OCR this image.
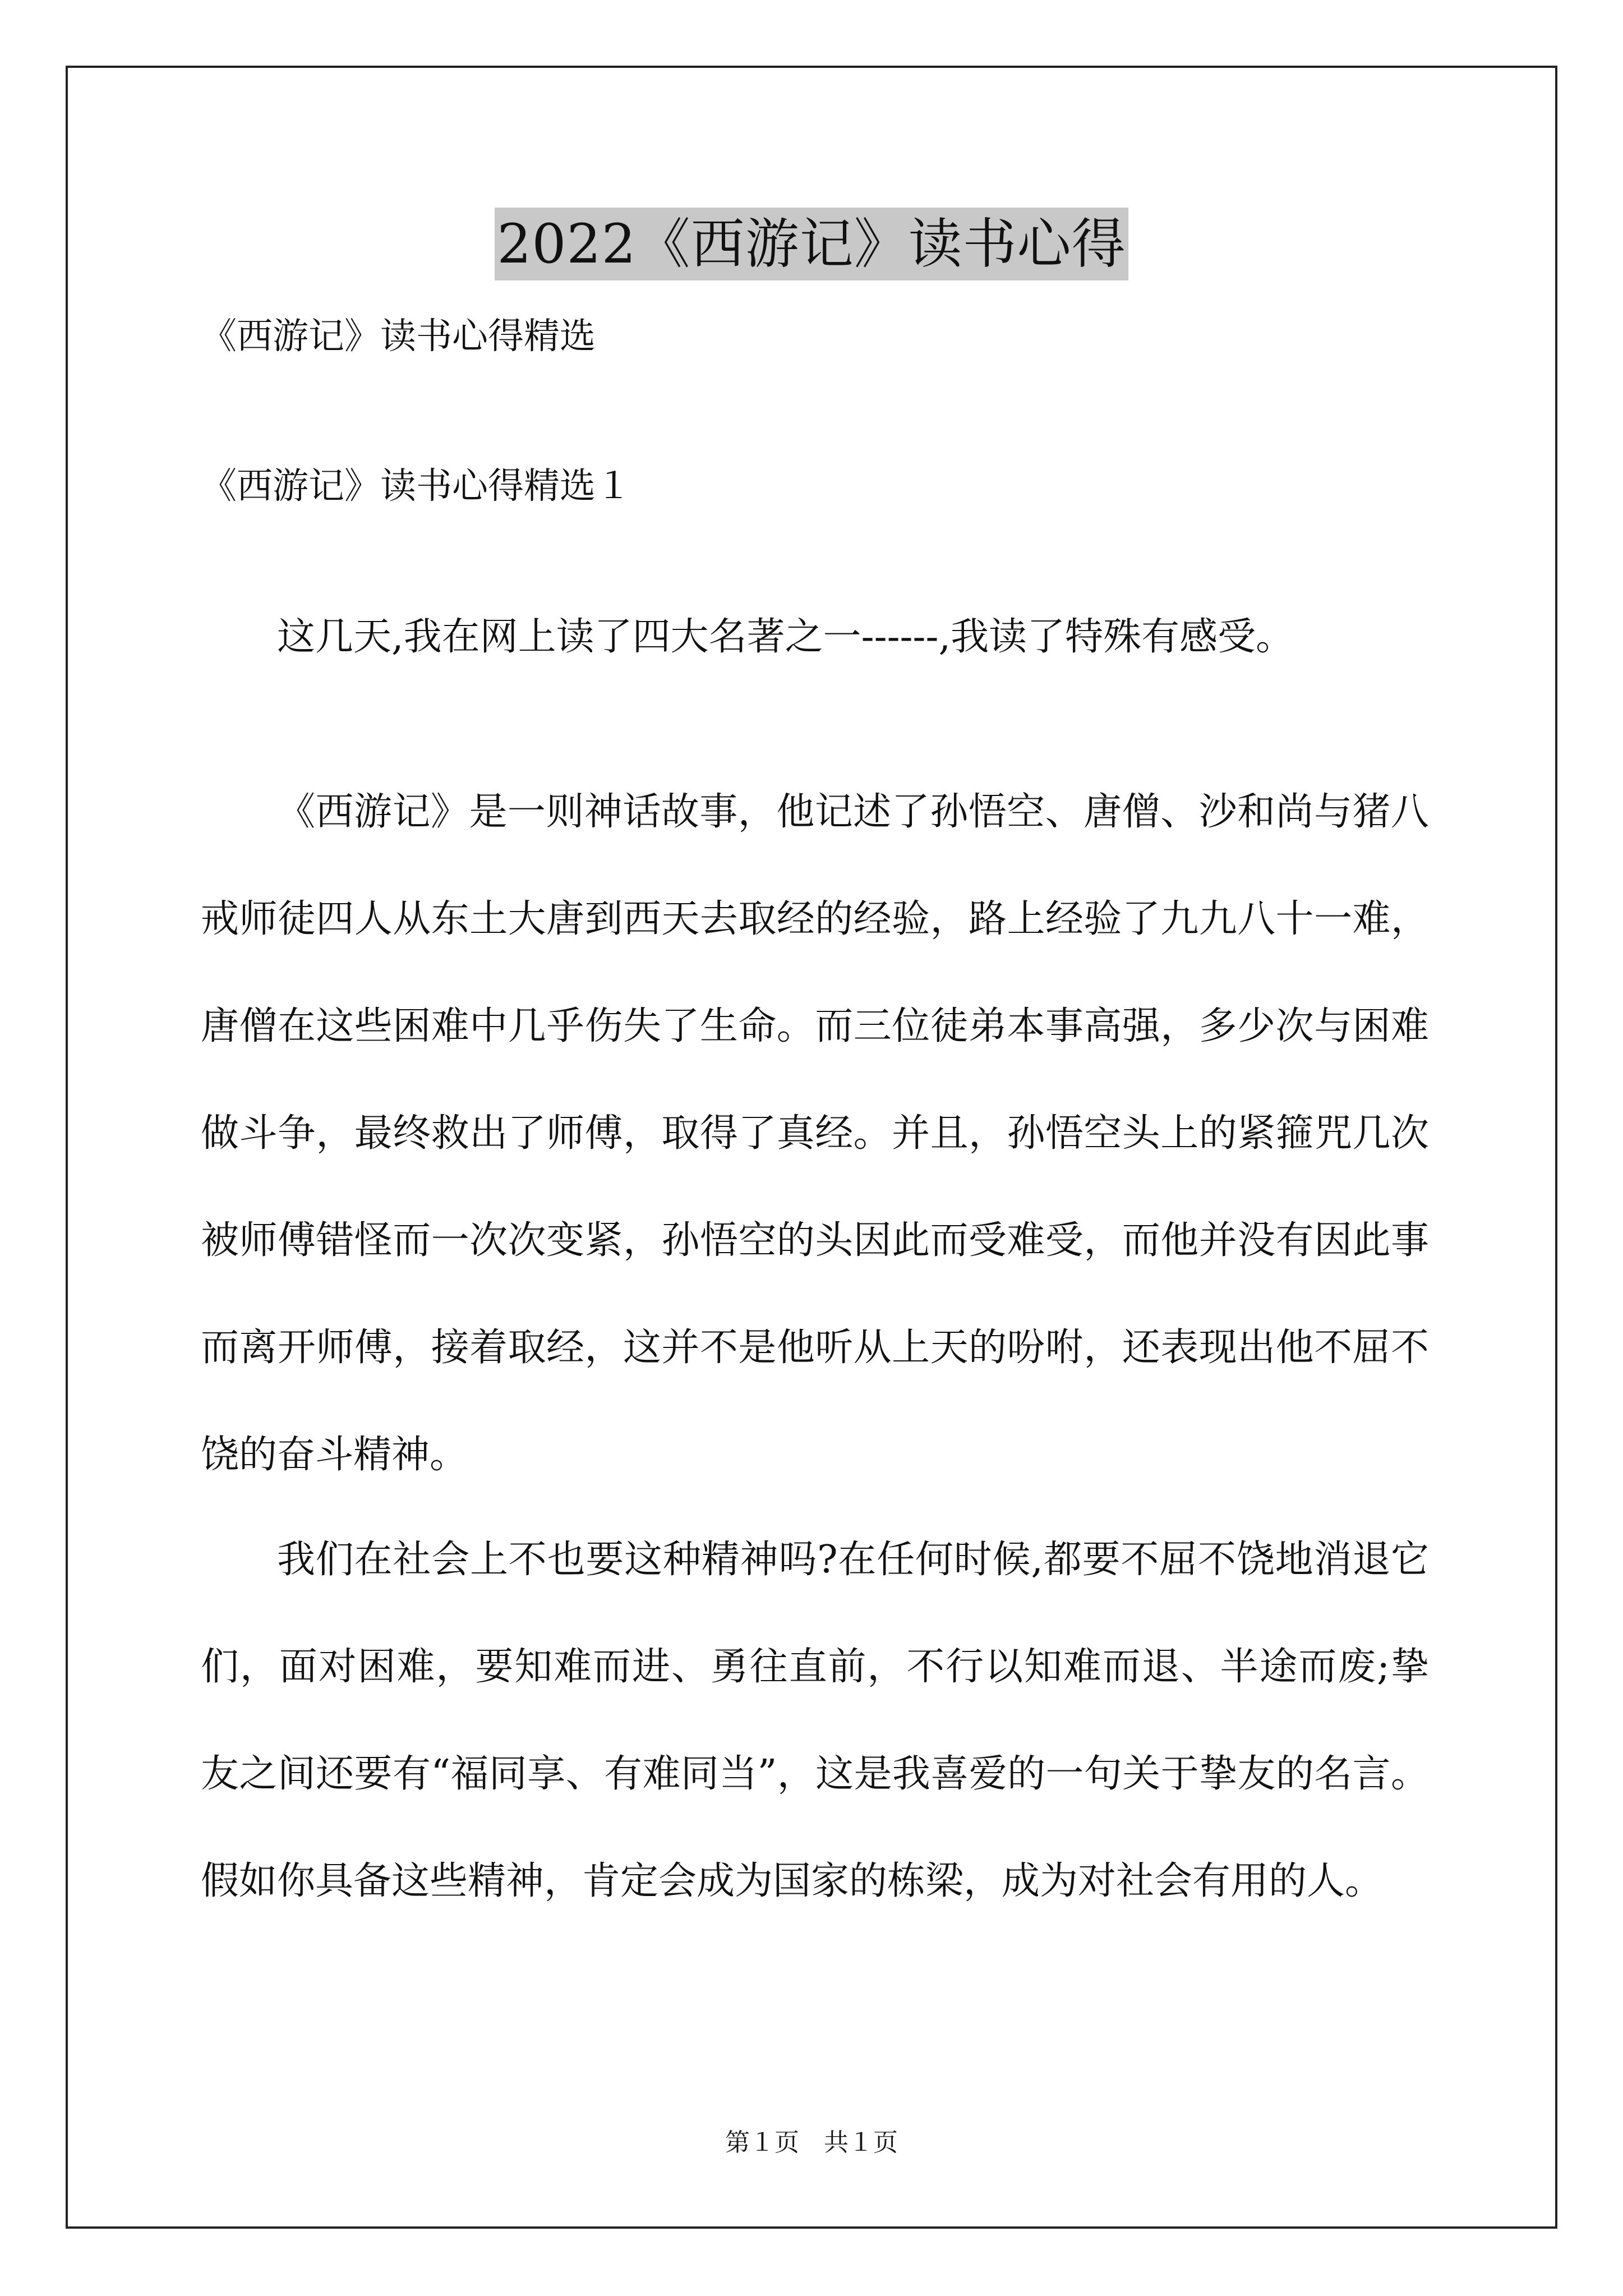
2022《西游记》读书心得
《西游记》读书心得精选
《西游记》读书心得精选１

这几天,我在网上读了四大名著之一------,我读了特殊有感受。

《西游记》是一则神话故事，他记述了孙悟空、唐僧、沙和尚与猪八戒师徒四人从东土大唐到西天去取经的经验，路上经验了九九八十一难，唐僧在这些困难中几乎伤失了生命。而三位徒弟本事高强，多少次与困难做斗争，最终救出了师傅，取得了真经。并且，孙悟空头上的紧箍咒几次被师傅错怪而一次次变紧，孙悟空的头因此而受难受，而他并没有因此事而离开师傅，接着取经，这并不是他听从上天的吩咐，还表现出他不屈不饶的奋斗精神。

我们在社会上不也要这种精神吗?在任何时候,都要不屈不饶地消退它们，面对困难，要知难而进、勇往直前，不行以知难而退、半途而废;挚友之间还要有“福同享、有难同当”，这是我喜爱的一句关于挚友的名言。假如你具备这些精神，肯定会成为国家的栋梁，成为对社会有用的人。

第１页　共１页
